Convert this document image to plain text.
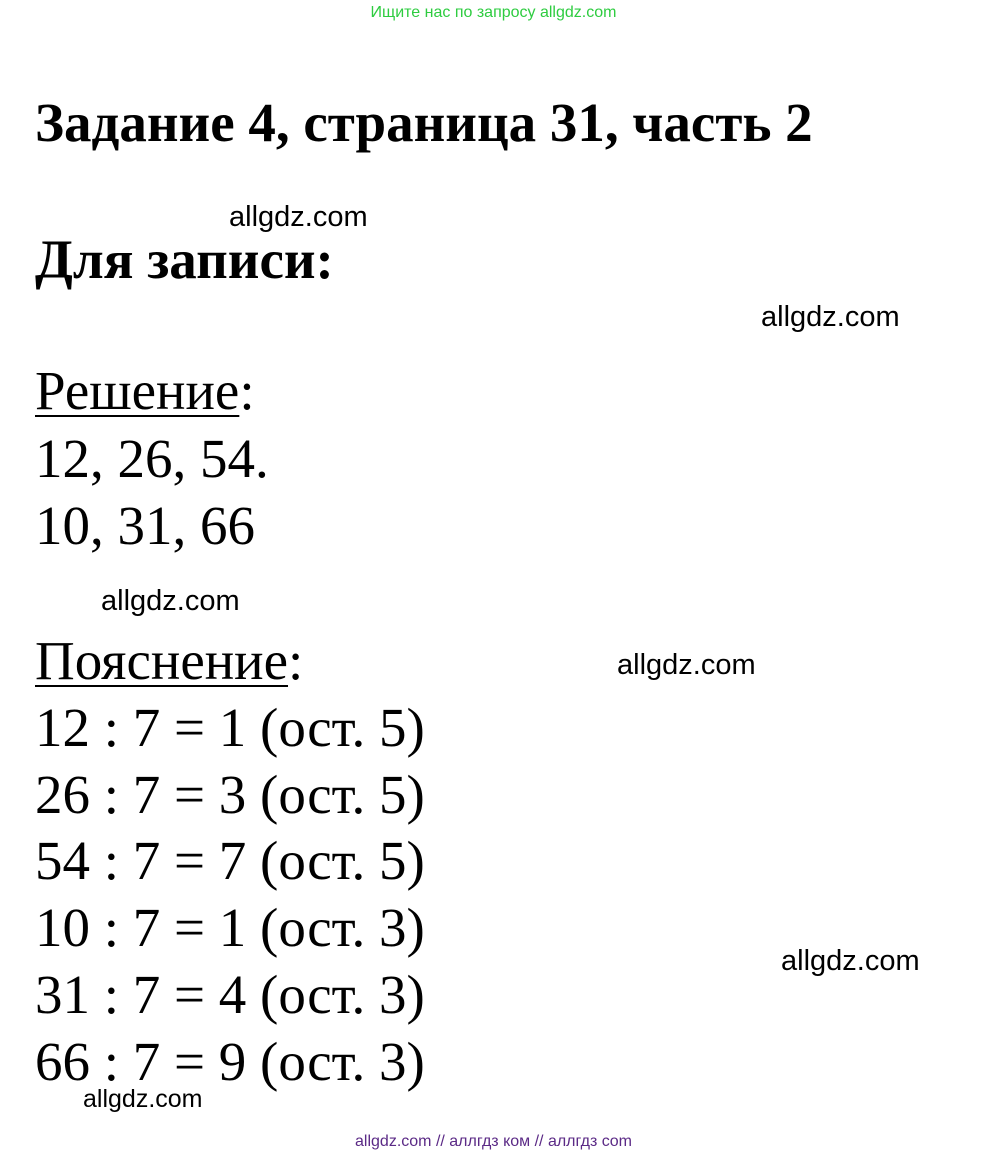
Ищите нас по запросу allgdz.com
Задание 4, страница 31, часть 2
Для записи:
Решение:
12, 26, 54.
10, 31, 66
Пояснение:
12 : 7 = 1 (ост. 5)
26 : 7 = 3 (ост. 5)
54 : 7 = 7 (ост. 5)
10 : 7 = 1 (ост. 3)
31 : 7 = 4 (ост. 3)
66 : 7 = 9 (ост. 3)
allgdz.com
allgdz.com
allgdz.com
allgdz.com
allgdz.com
allgdz.com
allgdz.com // аллгдз ком // аллгдз com
